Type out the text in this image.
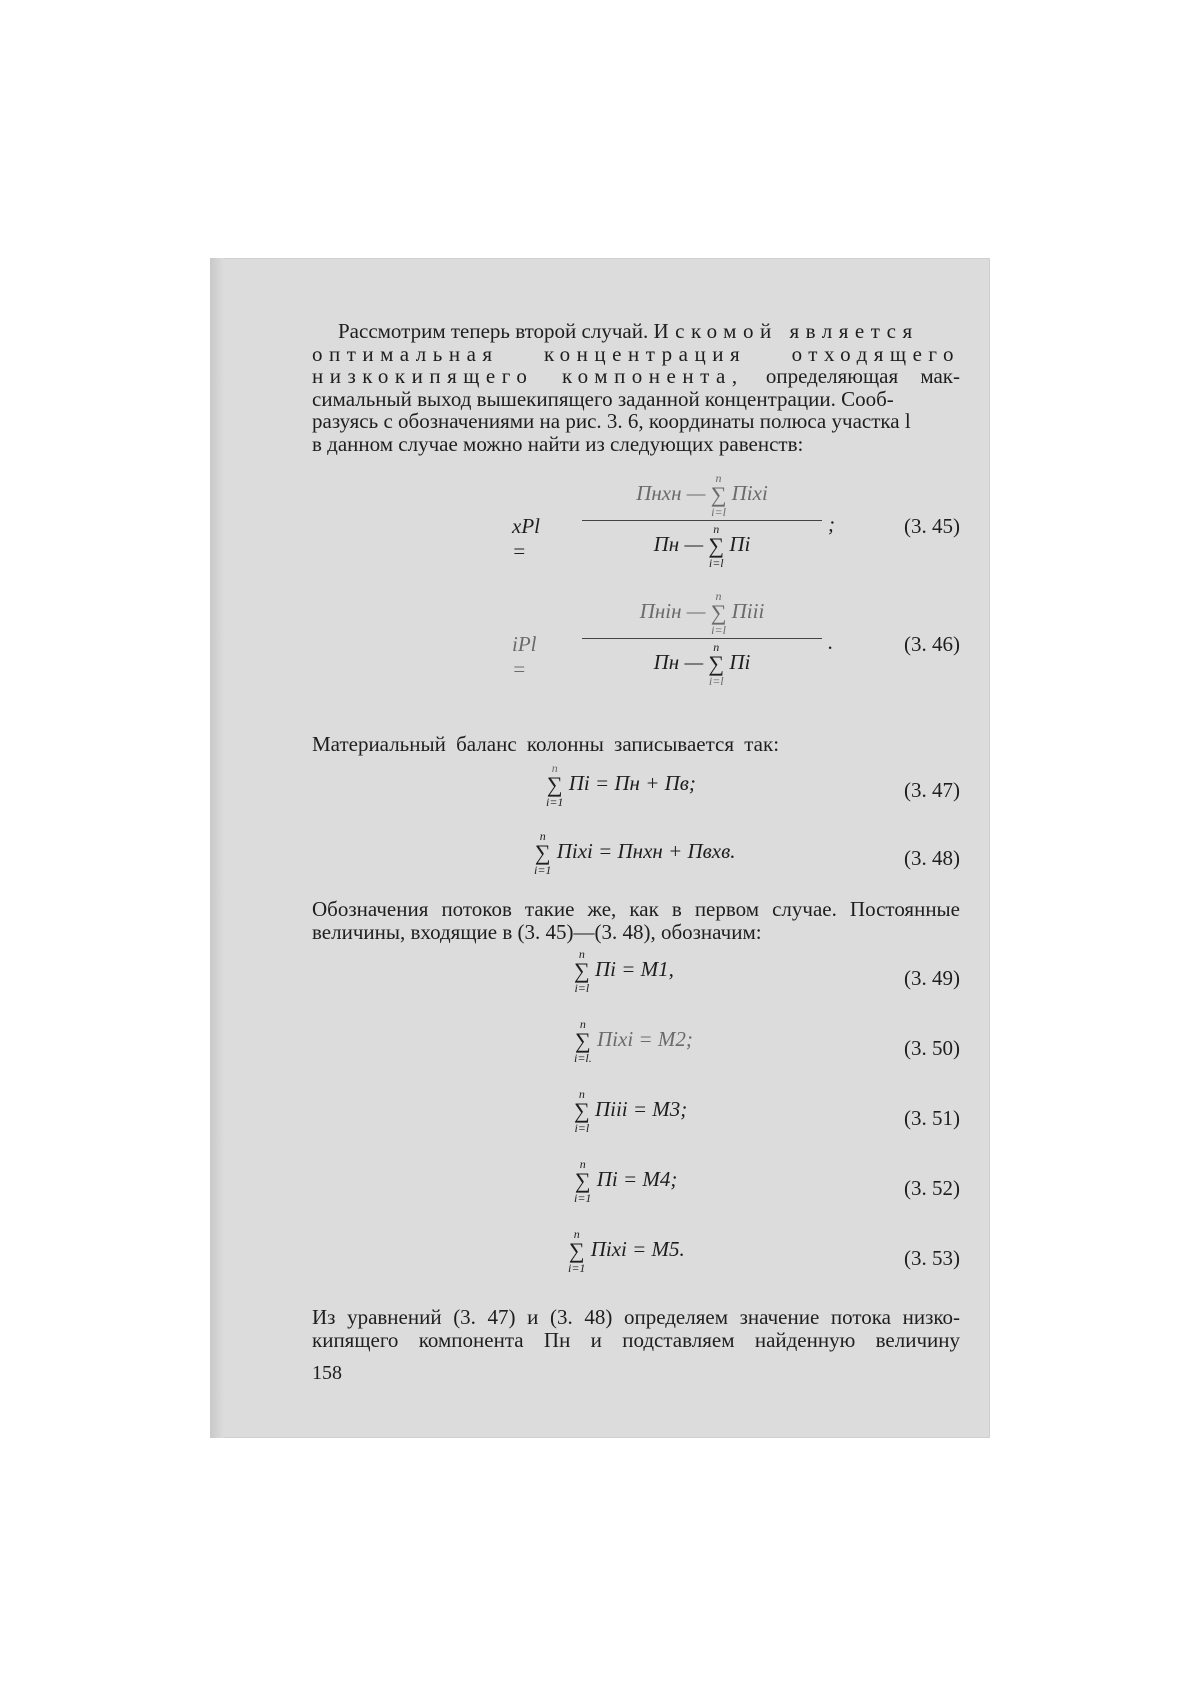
Рассмотрим теперь второй случай. Искомой является

оптимальная концентрация отходящего

низкокипящего компонента, определяющая мак-

симальный выход вышекипящего заданной концентрации. Сооб-

разуясь с обозначениями на рис. 3. 6, координаты полюса участка l

в данном случае можно найти из следующих равенств:

xPl =
Пнxн —
n
∑
i=l
Пixi
Пн —
n
∑
i=l
Пi
;	(3. 45)
iPl =
Пнiн —
n
∑
i=l
Пiii
Пн —
n
∑
i=l
Пi
.	(3. 46)

Материальный баланс колонны записывается так:

n
∑
i=1
Пi = Пн + Пв;	(3. 47)
n
∑
i=1
Пixi = Пнxн + Пвxв.	(3. 48)

Обозначения потоков такие же, как в первом случае. Постоянные

величины, входящие в (3. 45)—(3. 48), обозначим:

n
∑
i=l
Пi = M1,	(3. 49)
n
∑
i=l.
Пixi = M2;	(3. 50)
n
∑
i=l
Пiii = M3;	(3. 51)
n
∑
i=1
Пi = M4;	(3. 52)
n
∑
i=1
Пixi = M5.	(3. 53)

Из уравнений (3. 47) и (3. 48) определяем значение потока низко-

кипящего компонента Пн и подставляем найденную величину

158
